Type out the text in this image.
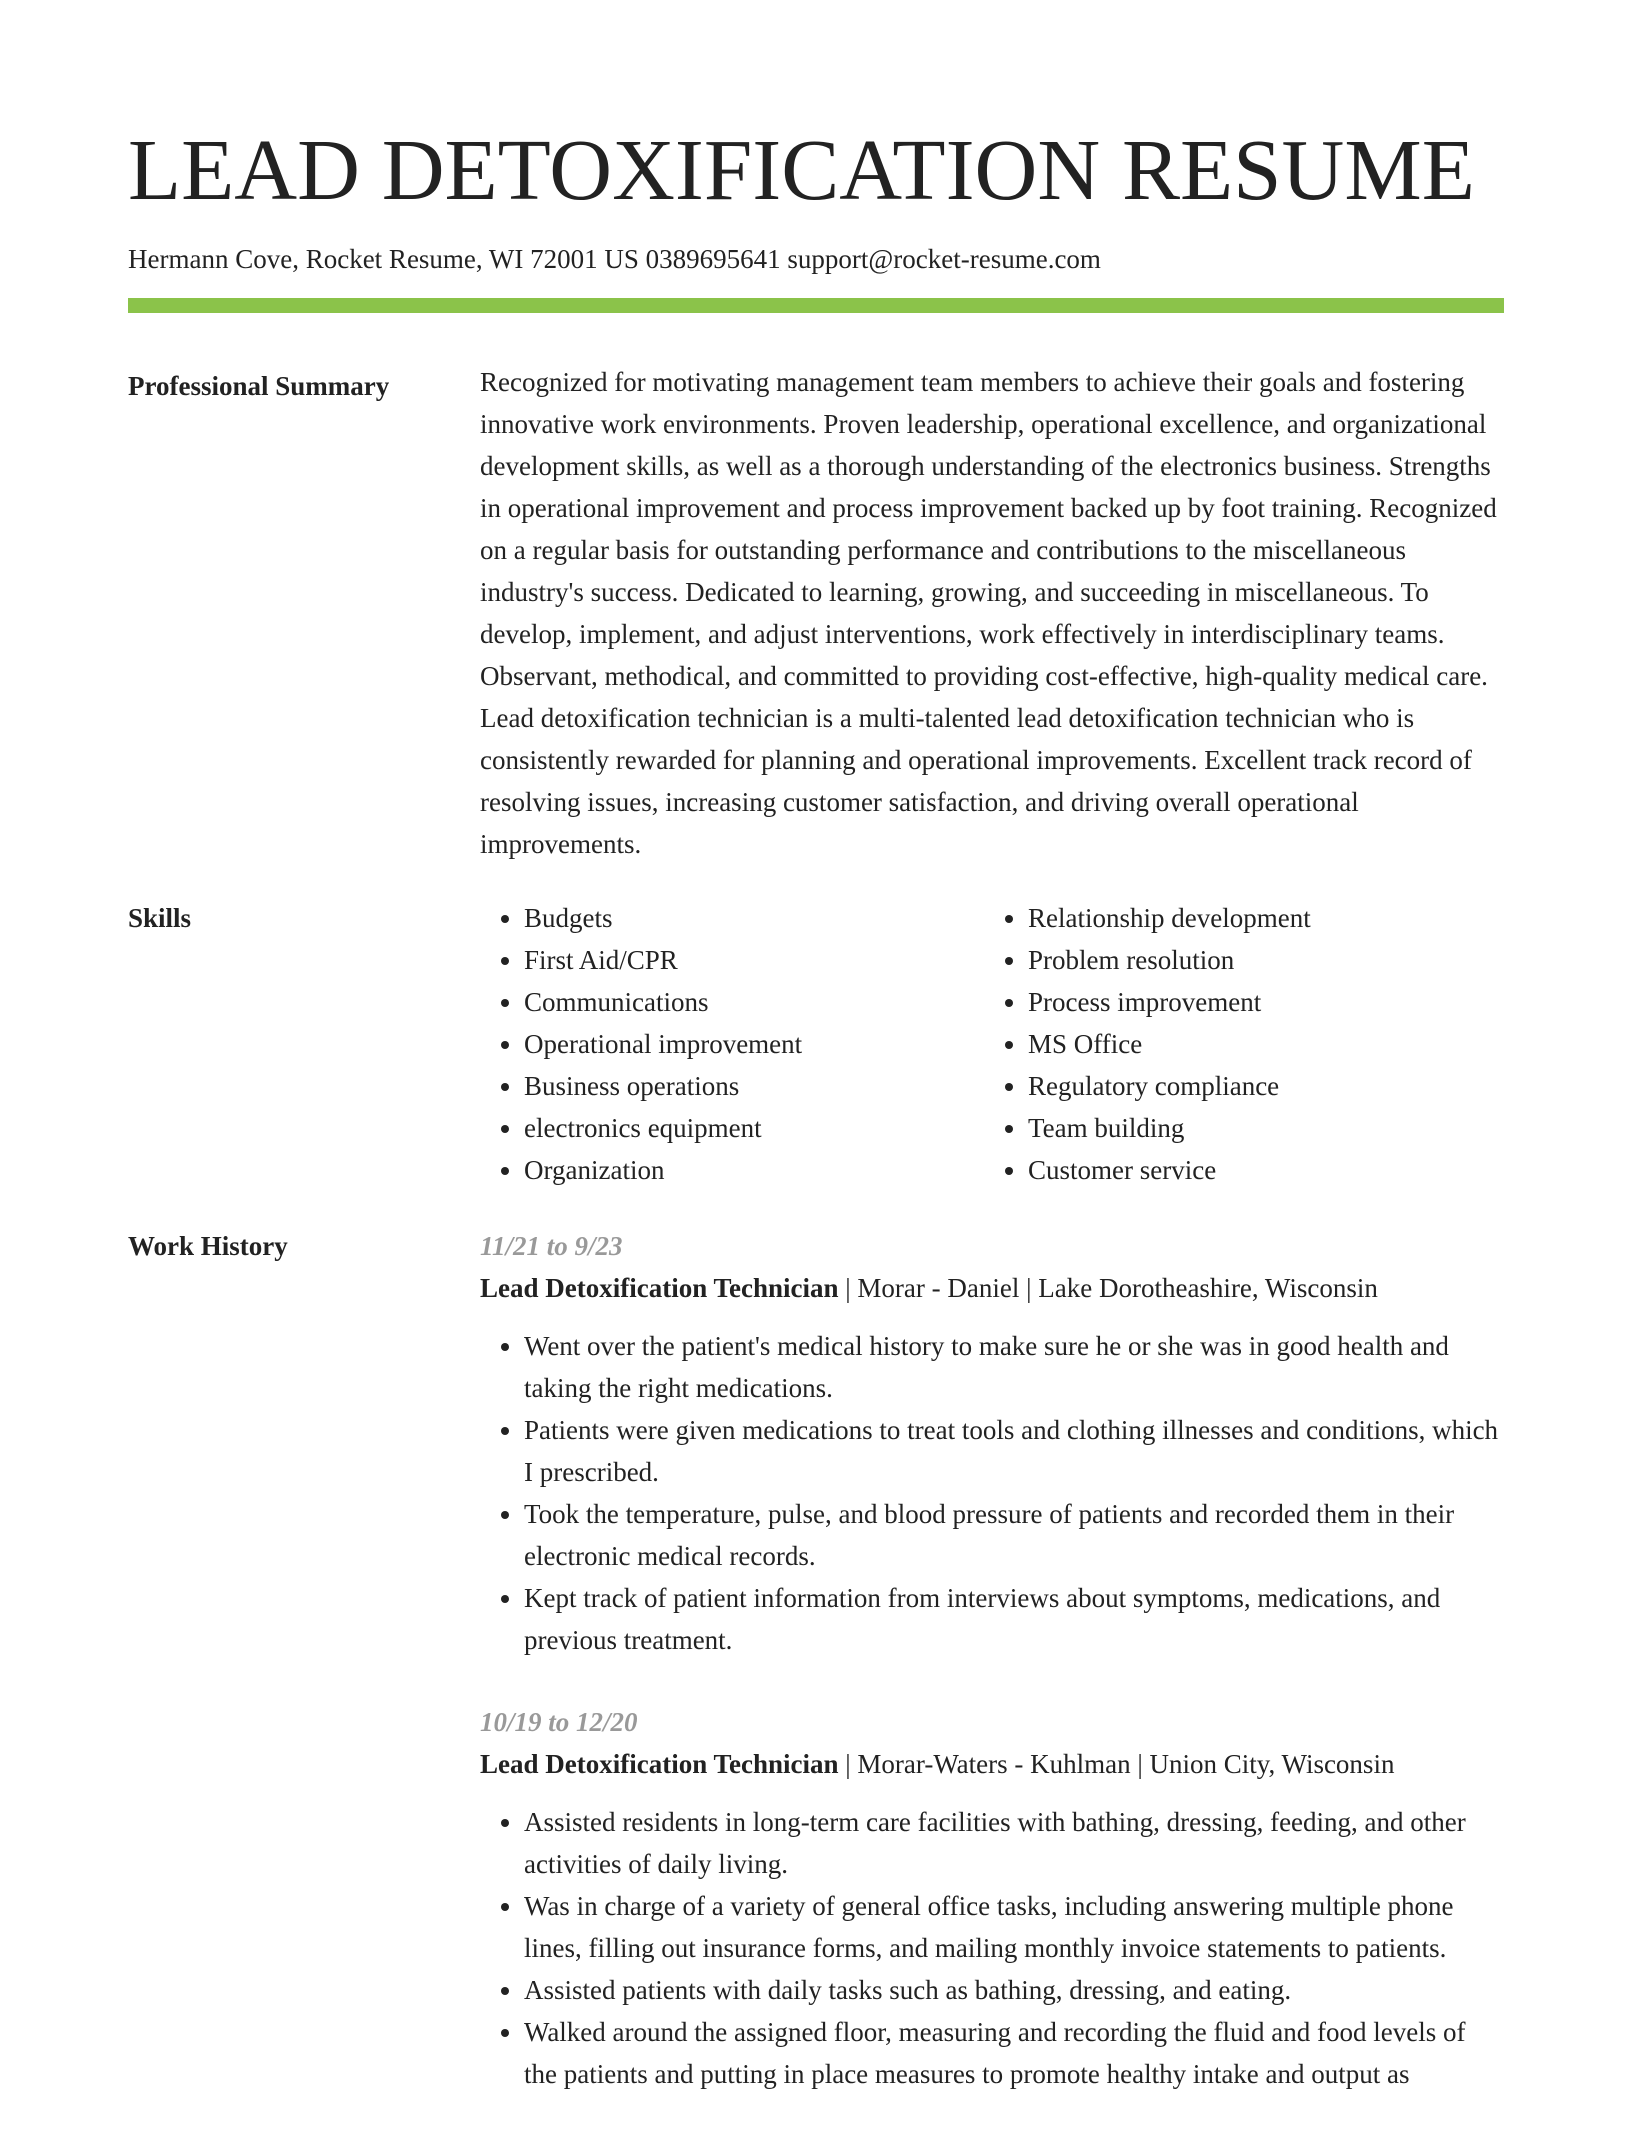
LEAD DETOXIFICATION RESUME
Hermann Cove, Rocket Resume, WI 72001 US 0389695641 support@rocket-resume.com
Professional Summary	Recognized for motivating management team members to achieve their goals and fostering innovative work environments. Proven leadership, operational excellence, and organizational development skills, as well as a thorough understanding of the electronics business. Strengths in operational improvement and process improvement backed up by foot training. Recognized on a regular basis for outstanding performance and contributions to the miscellaneous industry's success. Dedicated to learning, growing, and succeeding in miscellaneous. To develop, implement, and adjust interventions, work effectively in interdisciplinary teams. Observant, methodical, and committed to providing cost-effective, high-quality medical care. Lead detoxification technician is a multi-talented lead detoxification technician who is consistently rewarded for planning and operational improvements. Excellent track record of resolving issues, increasing customer satisfaction, and driving overall operational improvements.

Skills
•	Budgets
• First Aid/CPR
• Communications
• Operational improvement
• Business operations
• electronics equipment
• Organization
• Relationship development
• Problem resolution
• Process improvement
• MS Office
• Regulatory compliance
• Team building
• Customer service
Work History	11/21 to 9/23
Lead Detoxification Technician | Morar - Daniel | Lake Dorotheashire, Wisconsin
• Went over the patient's medical history to make sure he or she was in good health and taking the right medications.
• Patients were given medications to treat tools and clothing illnesses and conditions, which I prescribed.
• Took the temperature, pulse, and blood pressure of patients and recorded them in their electronic medical records.
• Kept track of patient information from interviews about symptoms, medications, and previous treatment.
10/19 to 12/20
Lead Detoxification Technician | Morar-Waters - Kuhlman | Union City, Wisconsin
• Assisted residents in long-term care facilities with bathing, dressing, feeding, and other activities of daily living.
• Was in charge of a variety of general office tasks, including answering multiple phone lines, filling out insurance forms, and mailing monthly invoice statements to patients.
• Assisted patients with daily tasks such as bathing, dressing, and eating.
• Walked around the assigned floor, measuring and recording the fluid and food levels of the patients and putting in place measures to promote healthy intake and output as
